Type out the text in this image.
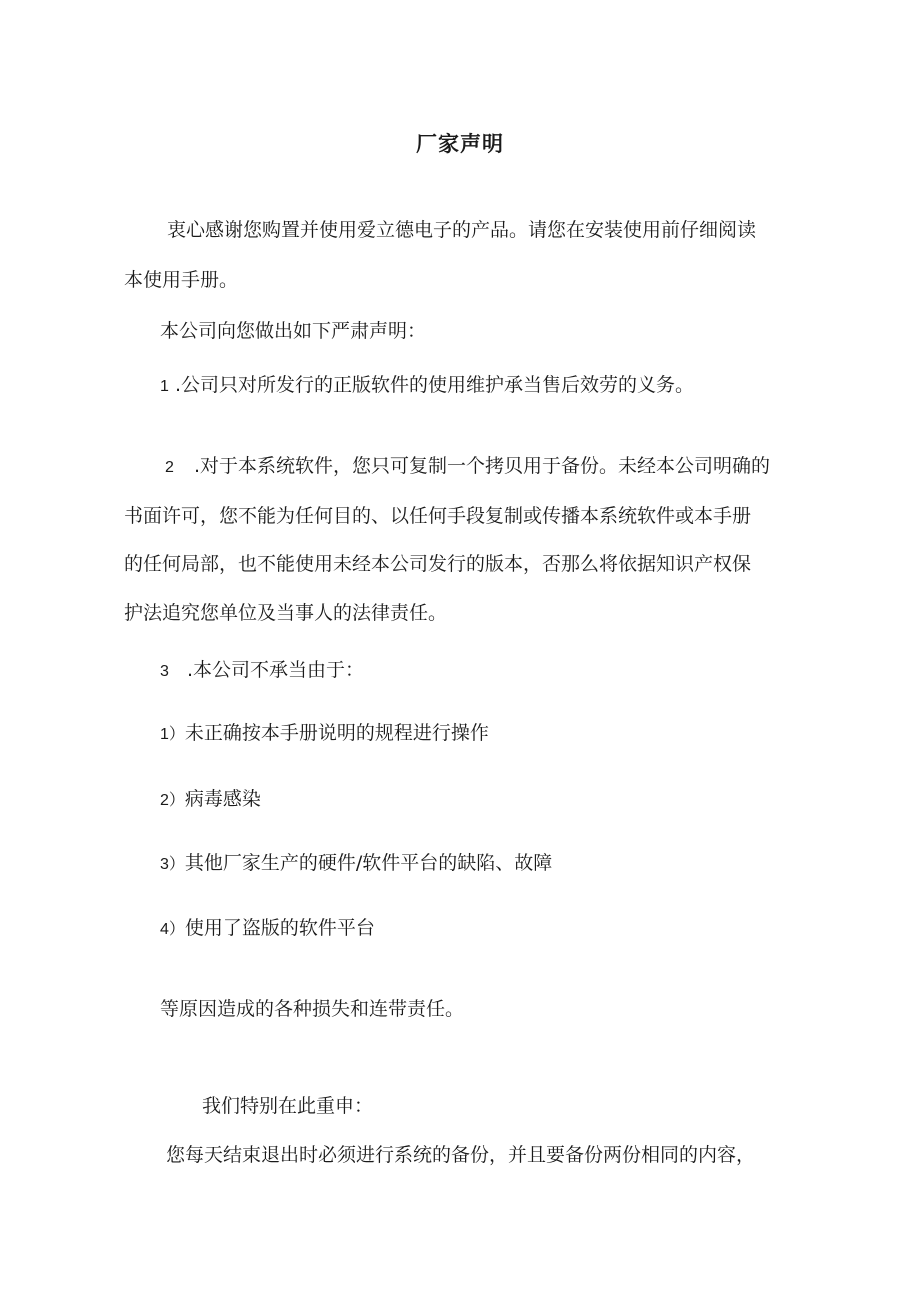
厂家声明
衷心感谢您购置并使用爱立德电子的产品。请您在安装使用前仔细阅读
本使用手册。
本公司向您做出如下严肃声明：
1 .公司只对所发行的正版软件的使用维护承当售后效劳的义务。
2 .对于本系统软件，您只可复制一个拷贝用于备份。未经本公司明确的
书面许可，您不能为任何目的、以任何手段复制或传播本系统软件或本手册
的任何局部，也不能使用未经本公司发行的版本，否那么将依据知识产权保
护法追究您单位及当事人的法律责任。
3 .本公司不承当由于：
1）未正确按本手册说明的规程进行操作
2）病毒感染
3）其他厂家生产的硬件/软件平台的缺陷、故障
4）使用了盗版的软件平台
等原因造成的各种损失和连带责任。
我们特别在此重申：
您每天结束退出时必须进行系统的备份，并且要备份两份相同的内容，
